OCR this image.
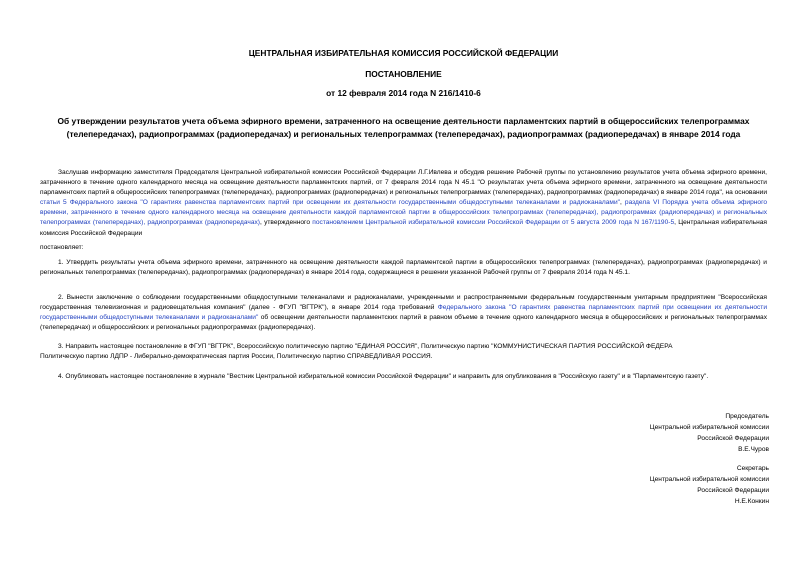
ЦЕНТРАЛЬНАЯ ИЗБИРАТЕЛЬНАЯ КОМИССИЯ РОССИЙСКОЙ ФЕДЕРАЦИИ
ПОСТАНОВЛЕНИЕ
от 12 февраля 2014 года N 216/1410-6
Об утверждении результатов учета объема эфирного времени, затраченного на освещение деятельности парламентских партий в общероссийских телепрограммах (телепередачах), радиопрограммах (радиопередачах) и региональных телепрограммах (телепередачах), радиопрограммах (радиопередачах) в январе 2014 года
Заслушав информацию заместителя Председателя Центральной избирательной комиссии Российской Федерации Л.Г.Ивлева и обсудив решение Рабочей группы по установлению результатов учета объема эфирного времени, затраченного в течение одного календарного месяца на освещение деятельности парламентских партий, от 7 февраля 2014 года N 45.1 "О результатах учета объема эфирного времени, затраченного на освещение деятельности парламентских партий в общероссийских телепрограммах (телепередачах), радиопрограммах (радиопередачах) и региональных телепрограммах (телепередачах), радиопрограммах (радиопередачах) в январе 2014 года", на основании статьи 5 Федерального закона "О гарантиях равенства парламентских партий при освещении их деятельности государственными общедоступными телеканалами и радиоканалами", раздела VI Порядка учета объема эфирного времени, затраченного в течение одного календарного месяца на освещение деятельности каждой парламентской партии в общероссийских телепрограммах (телепередачах), радиопрограммах (радиопередачах) и региональных телепрограммах (телепередачах), радиопрограммах (радиопередачах), утвержденного постановлением Центральной избирательной комиссии Российской Федерации от 5 августа 2009 года N 167/1190-5, Центральная избирательная комиссия Российской Федерации
постановляет:
1. Утвердить результаты учета объема эфирного времени, затраченного на освещение деятельности каждой парламентской партии в общероссийских телепрограммах (телепередачах), радиопрограммах (радиопередачах) и региональных телепрограммах (телепередачах), радиопрограммах (радиопередачах) в январе 2014 года, содержащиеся в решении указанной Рабочей группы от 7 февраля 2014 года N 45.1.
2. Вынести заключение о соблюдении государственными общедоступными телеканалами и радиоканалами, учрежденными и распространяемыми федеральным государственным унитарным предприятием "Всероссийская государственная телевизионная и радиовещательная компания" (далее - ФГУП "ВГТРК"), в январе 2014 года требований Федерального закона "О гарантиях равенства парламентских партий при освещении их деятельности государственными общедоступными телеканалами и радиоканалами" об освещении деятельности парламентских партий в равном объеме в течение одного календарного месяца в общероссийских и региональных телепрограммах (телепередачах) и общероссийских и региональных радиопрограммах (радиопередачах).
3. Направить настоящее постановление в ФГУП "ВГТРК", Всероссийскую политическую партию "ЕДИНАЯ РОССИЯ", Политическую партию "КОММУНИСТИЧЕСКАЯ ПАРТИЯ РОССИЙСКОЙ ФЕДЕРА
Политическую партию ЛДПР - Либерально-демократическая партия России, Политическую партию СПРАВЕДЛИВАЯ РОССИЯ.
4. Опубликовать настоящее постановление в журнале "Вестник Центральной избирательной комиссии Российской Федерации" и направить для опубликования в "Российскую газету" и в "Парламентскую газету".
Председатель
Центральной избирательной комиссии
Российской Федерации
В.Е.Чуров
Секретарь
Центральной избирательной комиссии
Российской Федерации
Н.Е.Конкин
